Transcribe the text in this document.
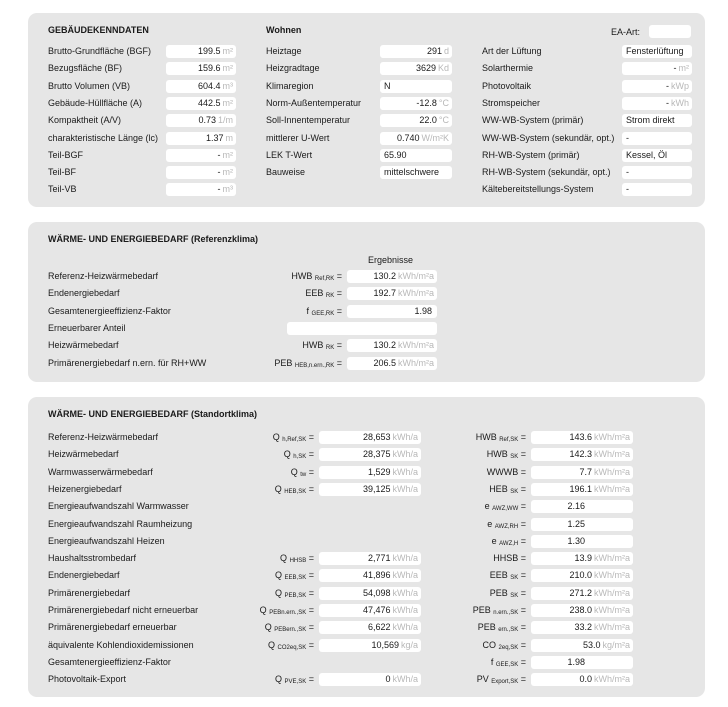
GEBÄUDEKENNDATEN	Wohnen	EA-Art:
Brutto-Grundfläche (BGF)	199.5 m²
Bezugsfläche (BF)	159.6 m²
Brutto Volumen (VB)	604.4 m³
Gebäude-Hüllfläche (A)	442.5 m²
Kompaktheit (A/V)	0.73 1/m
charakteristische Länge (lc)	1.37 m
Teil-BGF	- m²
Teil-BF	- m²
Teil-VB	- m³
Heiztage	291 d
Heizgradtage	3629 Kd
Klimaregion	N
Norm-Außentemperatur	-12.8 °C
Soll-Innentemperatur	22.0 °C
mittlerer U-Wert	0.740 W/m²K
LEK T-Wert	65.90
Bauweise	mittelschwere
Art der Lüftung	Fensterlüftung
Solarthermie	- m²
Photovoltaik	- kWp
Stromspeicher	- kWh
WW-WB-System (primär)	Strom direkt
WW-WB-System (sekundär, opt.)	-
RH-WB-System (primär)	Kessel, Öl
RH-WB-System (sekundär, opt.)	-
Kältebereitstellungs-System	-
WÄRME- UND ENERGIEBEDARF (Referenzklima)
Ergebnisse
Referenz-Heizwärmebedarf	HWB $_{Ref,RK}$ =	130.2 kWh/m²a
Endenergiebedarf	EEB $_{RK}$ =	192.7 kWh/m²a
Gesamtenergieeffizienz-Faktor	f $_{GEE,RK}$ =	1.98
Erneuerbarer Anteil
Heizwärmebedarf	HWB $_{RK}$ =	130.2 kWh/m²a
Primärenergiebedarf n.ern. für RH+WW	PEB $_{HEB,n.ern.,RK}$ =	206.5 kWh/m²a
WÄRME- UND ENERGIEBEDARF (Standortklima)
Referenz-Heizwärmebedarf	Q $_{h,Ref,SK}$ =	28,653 kWh/a	HWB $_{Ref,SK}$ =	143.6 kWh/m²a
Heizwärmebedarf	Q $_{h,SK}$ =	28,375 kWh/a	HWB $_{SK}$ =	142.3 kWh/m²a
Warmwasserwärmebedarf	Q $_{tw}$ =	1,529 kWh/a	WWWB =	7.7 kWh/m²a
Heizenergiebedarf	Q $_{HEB,SK}$ =	39,125 kWh/a	HEB $_{SK}$ =	196.1 kWh/m²a
Energieaufwandszahl Warmwasser	e $_{AWZ,WW}$ =	2.16
Energieaufwandszahl Raumheizung	e $_{AWZ,RH}$ =	1.25
Energieaufwandszahl Heizen	e $_{AWZ,H}$ =	1.30
Haushaltsstrombedarf	Q $_{HHSB}$ =	2,771 kWh/a	HHSB =	13.9 kWh/m²a
Endenergiebedarf	Q $_{EEB,SK}$ =	41,896 kWh/a	EEB $_{SK}$ =	210.0 kWh/m²a
Primärenergiebedarf	Q $_{PEB,SK}$ =	54,098 kWh/a	PEB $_{SK}$ =	271.2 kWh/m²a
Primärenergiebedarf nicht erneuerbar	Q $_{PEBn.ern.,SK}$ =	47,476 kWh/a	PEB $_{n.ern.,SK}$ =	238.0 kWh/m²a
Primärenergiebedarf erneuerbar	Q $_{PEBern.,SK}$ =	6,622 kWh/a	PEB $_{ern.,SK}$ =	33.2 kWh/m²a
äquivalente Kohlendioxidemissionen	Q $_{CO2eq,SK}$ =	10,569 kg/a	CO $_{2eq,SK}$ =	53.0 kg/m²a
Gesamtenergieeffizienz-Faktor	f $_{GEE,SK}$ =	1.98
Photovoltaik-Export	Q $_{PVE,SK}$ =	0 kWh/a	PV $_{Export,SK}$ =	0.0 kWh/m²a
